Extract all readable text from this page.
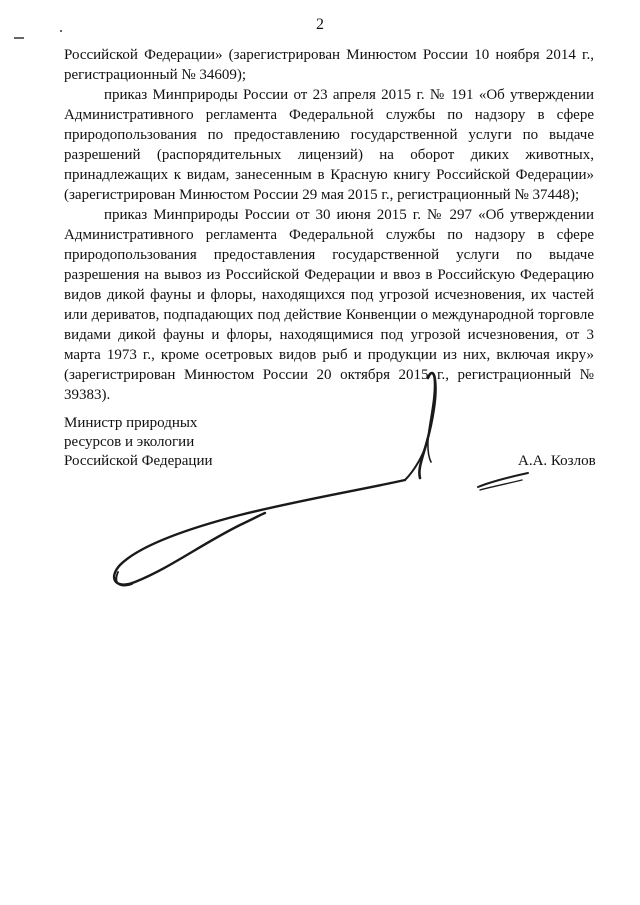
2

Российской Федерации» (зарегистрирован Минюстом России 10 ноября 2014 г., регистрационный № 34609);

приказ Минприроды России от 23 апреля 2015 г. № 191 «Об утверждении Административного регламента Федеральной службы по надзору в сфере природопользования по предоставлению государственной услуги по выдаче разрешений (распорядительных лицензий) на оборот диких животных, принадлежащих к видам, занесенным в Красную книгу Российской Федерации» (зарегистрирован Минюстом России 29 мая 2015 г., регистрационный № 37448);

приказ Минприроды России от 30 июня 2015 г. № 297 «Об утверждении Административного регламента Федеральной службы по надзору в сфере природопользования предоставления государственной услуги по выдаче разрешения на вывоз из Российской Федерации и ввоз в Российскую Федерацию видов дикой фауны и флоры, находящихся под угрозой исчезновения, их частей или дериватов, подпадающих под действие Конвенции о международной торговле видами дикой фауны и флоры, находящимися под угрозой исчезновения, от 3 марта 1973 г., кроме осетровых видов рыб и продукции из них, включая икру» (зарегистрирован Минюстом России 20 октября 2015 г., регистрационный № 39383).

Министр природных
ресурсов и экологии
Российской Федерации	А.А. Козлов
